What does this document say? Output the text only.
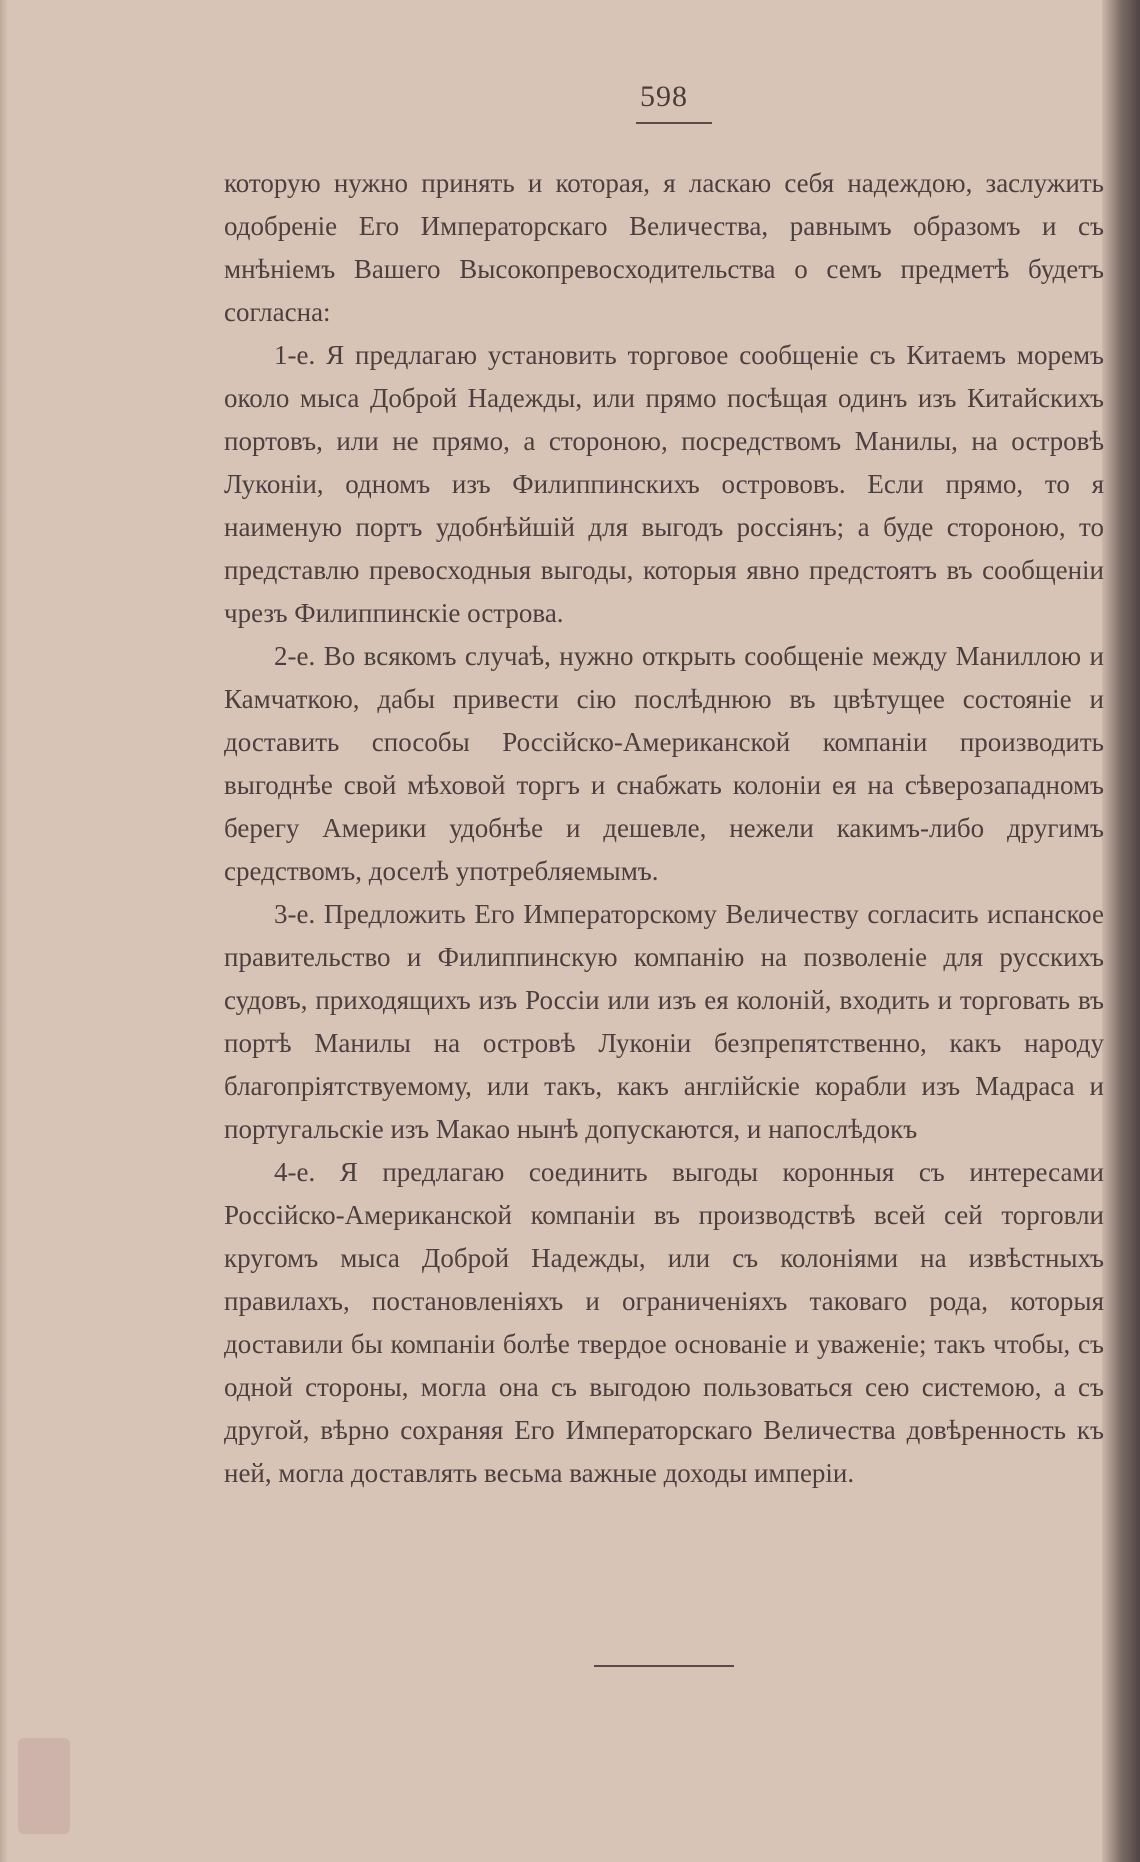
598

которую нужно принять и которая, я ласкаю себя надеждою, заслужить одобреніе Его Императорскаго Величества, равнымъ образомъ и съ мнѣніемъ Вашего Высокопревосходительства о семъ предметѣ будетъ согласна:

1-е. Я предлагаю установить торговое сообщеніе съ Китаемъ моремъ около мыса Доброй Надежды, или прямо посѣщая одинъ изъ Китайскихъ портовъ, или не прямо, а стороною, посредствомъ Манилы, на островѣ Луконіи, одномъ изъ Филиппинскихъ острововъ. Если прямо, то я наименую портъ удобнѣйшій для выгодъ россіянъ; а буде стороною, то представлю превосходныя выгоды, которыя явно предстоятъ въ сообщеніи чрезъ Филиппинскіе острова.

2-е. Во всякомъ случаѣ, нужно открыть сообщеніе между Маниллою и Камчаткою, дабы привести сію послѣднюю въ цвѣтущее состояніе и доставить способы Россійско-Американской компаніи производить выгоднѣе свой мѣховой торгъ и снабжать колоніи ея на сѣверозападномъ берегу Америки удобнѣе и дешевле, нежели какимъ-либо другимъ средствомъ, доселѣ употребляемымъ.

3-е. Предложить Его Императорскому Величеству согласить испанское правительство и Филиппинскую компанію на позволеніе для русскихъ судовъ, приходящихъ изъ Россіи или изъ ея колоній, входить и торговать въ портѣ Манилы на островѣ Луконіи безпрепятственно, какъ народу благопріятствуемому, или такъ, какъ англійскіе корабли изъ Мадраса и португальскіе изъ Макао нынѣ допускаются, и напослѣдокъ

4-е. Я предлагаю соединить выгоды коронныя съ интересами Россійско-Американской компаніи въ производствѣ всей сей торговли кругомъ мыса Доброй Надежды, или съ колоніями на извѣстныхъ правилахъ, постановленіяхъ и ограниченіяхъ таковаго рода, которыя доставили бы компаніи болѣе твердое основаніе и уваженіе; такъ чтобы, съ одной стороны, могла она съ выгодою пользоваться сею системою, а съ другой, вѣрно сохраняя Его Императорскаго Величества довѣренность къ ней, могла доставлять весьма важные доходы имперіи.
